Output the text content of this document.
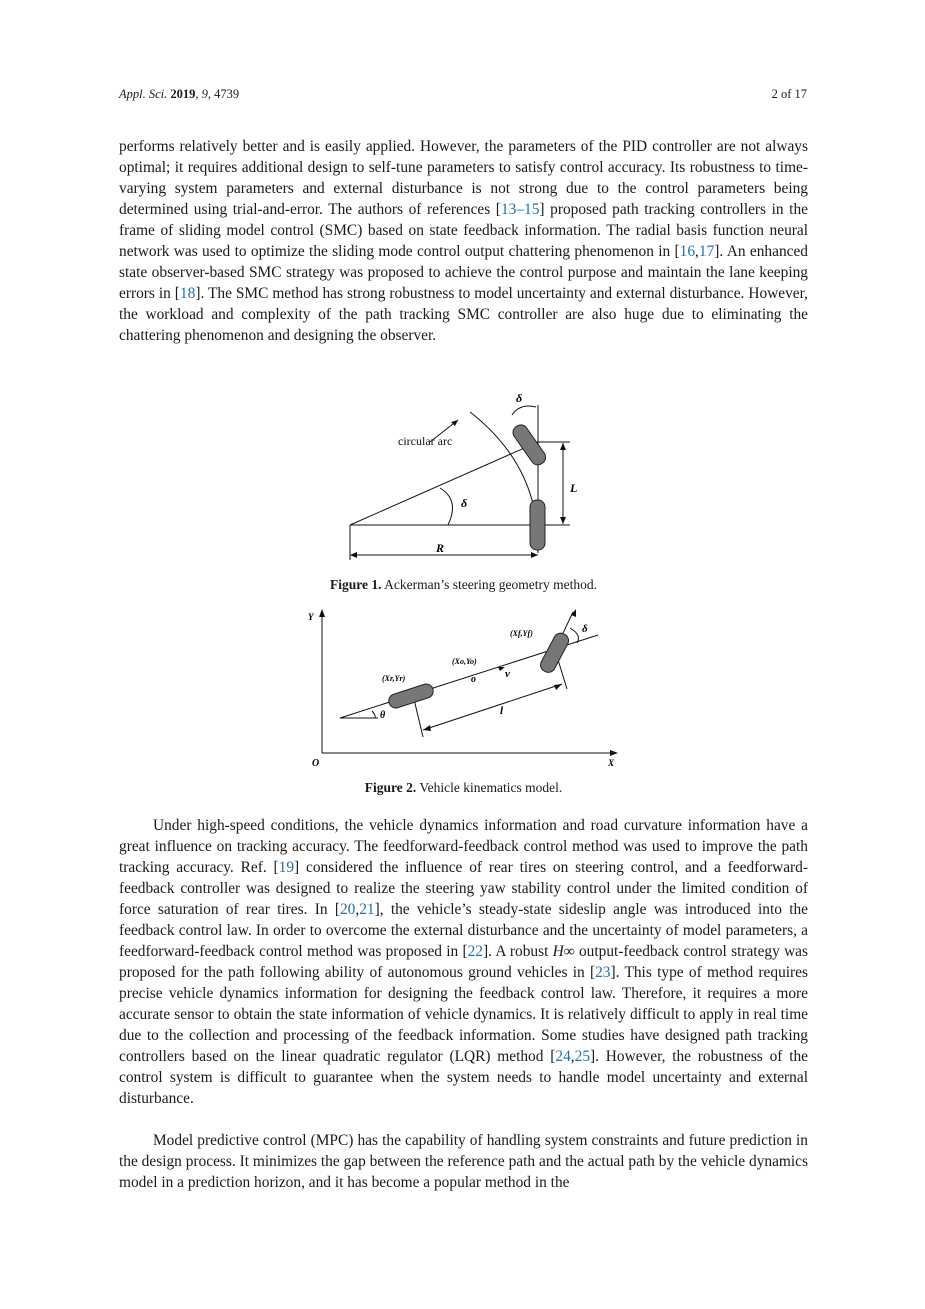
Appl. Sci. 2019, 9, 4739	2 of 17
performs relatively better and is easily applied. However, the parameters of the PID controller are not always optimal; it requires additional design to self-tune parameters to satisfy control accuracy. Its robustness to time-varying system parameters and external disturbance is not strong due to the control parameters being determined using trial-and-error. The authors of references [13–15] proposed path tracking controllers in the frame of sliding model control (SMC) based on state feedback information. The radial basis function neural network was used to optimize the sliding mode control output chattering phenomenon in [16,17]. An enhanced state observer-based SMC strategy was proposed to achieve the control purpose and maintain the lane keeping errors in [18]. The SMC method has strong robustness to model uncertainty and external disturbance. However, the workload and complexity of the path tracking SMC controller are also huge due to eliminating the chattering phenomenon and designing the observer.
circular arc
δ
δ
L
R
Figure 1. Ackerman’s steering geometry method.
Y
X
O
(Xf,Yf)
(Xo,Yo)
(Xr,Yr)	o	v
l
θ
δ
Figure 2. Vehicle kinematics model.
Under high-speed conditions, the vehicle dynamics information and road curvature information have a great influence on tracking accuracy. The feedforward-feedback control method was used to improve the path tracking accuracy. Ref. [19] considered the influence of rear tires on steering control, and a feedforward-feedback controller was designed to realize the steering yaw stability control under the limited condition of force saturation of rear tires. In [20,21], the vehicle’s steady-state sideslip angle was introduced into the feedback control law. In order to overcome the external disturbance and the uncertainty of model parameters, a feedforward-feedback control method was proposed in [22]. A robust H∞ output-feedback control strategy was proposed for the path following ability of autonomous ground vehicles in [23]. This type of method requires precise vehicle dynamics information for designing the feedback control law. Therefore, it requires a more accurate sensor to obtain the state information of vehicle dynamics. It is relatively difficult to apply in real time due to the collection and processing of the feedback information. Some studies have designed path tracking controllers based on the linear quadratic regulator (LQR) method [24,25]. However, the robustness of the control system is difficult to guarantee when the system needs to handle model uncertainty and external disturbance.
Model predictive control (MPC) has the capability of handling system constraints and future prediction in the design process. It minimizes the gap between the reference path and the actual path by the vehicle dynamics model in a prediction horizon, and it has become a popular method in the
